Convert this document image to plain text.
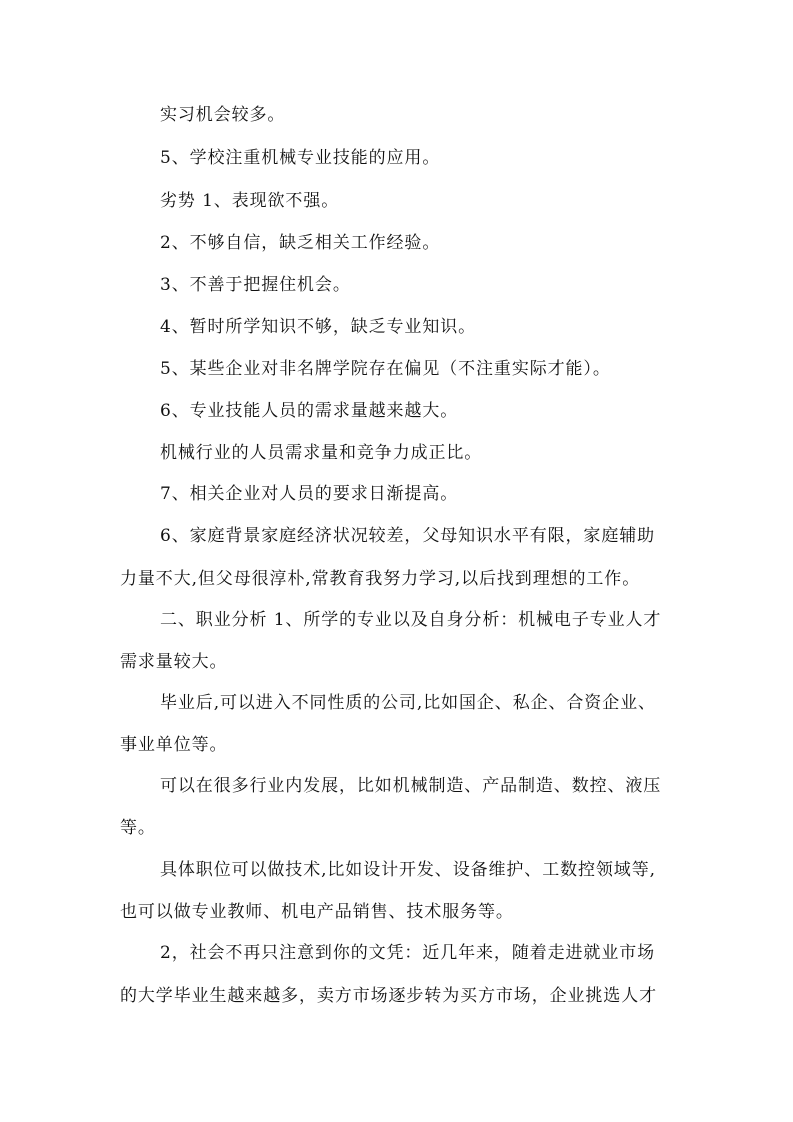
实习机会较多。
5、学校注重机械专业技能的应用。
劣势 1、表现欲不强。
2、不够自信，缺乏相关工作经验。
3、不善于把握住机会。
4、暂时所学知识不够，缺乏专业知识。
5、某些企业对非名牌学院存在偏见（不注重实际才能）。
6、专业技能人员的需求量越来越大。
机械行业的人员需求量和竞争力成正比。
7、相关企业对人员的要求日渐提高。
6、家庭背景家庭经济状况较差，父母知识水平有限，家庭辅助
力量不大,但父母很淳朴,常教育我努力学习,以后找到理想的工作。
二、职业分析 1、所学的专业以及自身分析：机械电子专业人才
需求量较大。
毕业后,可以进入不同性质的公司,比如国企、私企、合资企业、
事业单位等。
可以在很多行业内发展，比如机械制造、产品制造、数控、液压
等。
具体职位可以做技术,比如设计开发、设备维护、工数控领域等,
也可以做专业教师、机电产品销售、技术服务等。
2，社会不再只注意到你的文凭：近几年来，随着走进就业市场
的大学毕业生越来越多，卖方市场逐步转为买方市场，企业挑选人才
